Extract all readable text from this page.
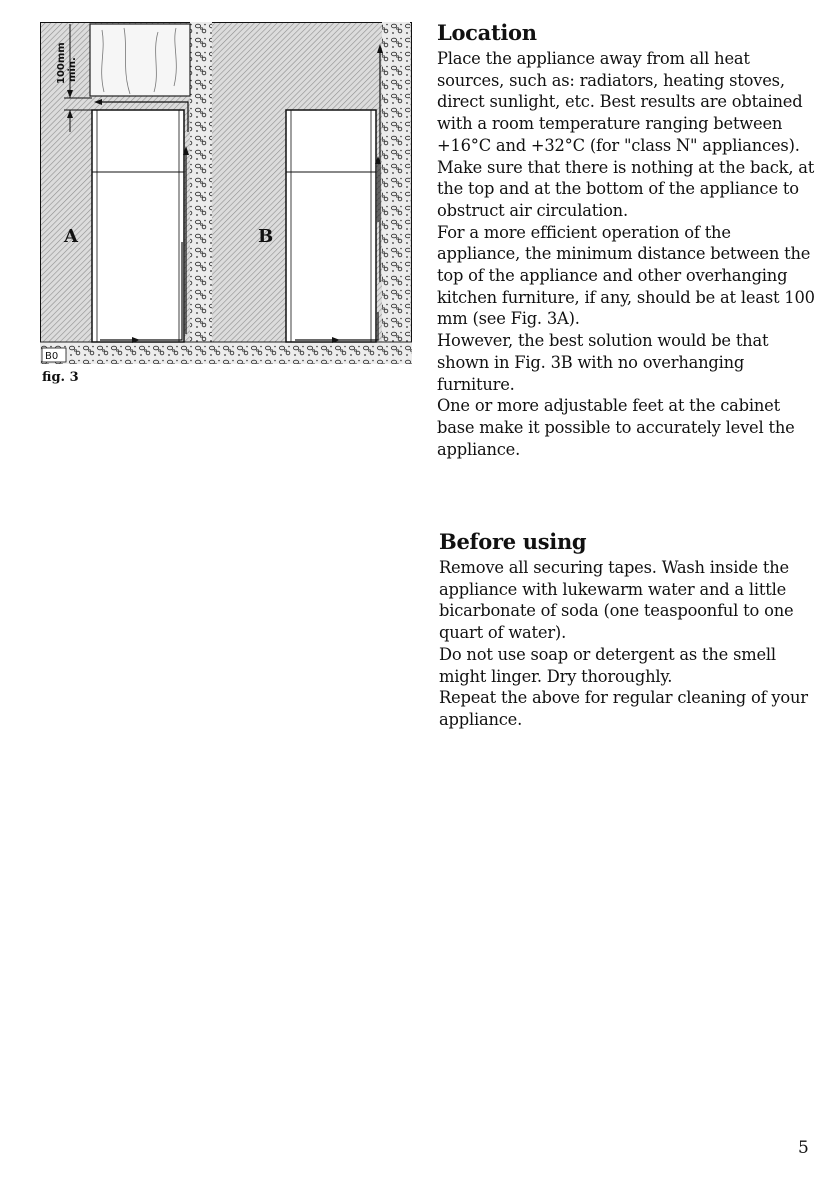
100mm min.
A	B
B0
fig. 3
Location

Place the appliance away from all heat sources, such as: radiators, heating stoves, direct sunlight, etc. Best results are obtained with a room temperature ranging between +16°C and +32°C (for "class N" appliances).

Make sure that there is nothing at the back, at the top and at the bottom of the appliance to obstruct air circulation.

For a more efficient operation of the appliance, the minimum distance between the top of the appliance and other overhanging kitchen furniture, if any, should be at least 100 mm (see Fig. 3A).

However, the best solution would be that shown in Fig. 3B with no overhanging furniture.

One or more adjustable feet at the cabinet base make it possible to accurately level the appliance.

Before using

Remove all securing tapes. Wash inside the appliance with lukewarm water and a little bicarbonate of soda (one teaspoonful to one quart of water).

Do not use soap or detergent as the smell might linger. Dry thoroughly.

Repeat the above for regular cleaning of your appliance.

5
